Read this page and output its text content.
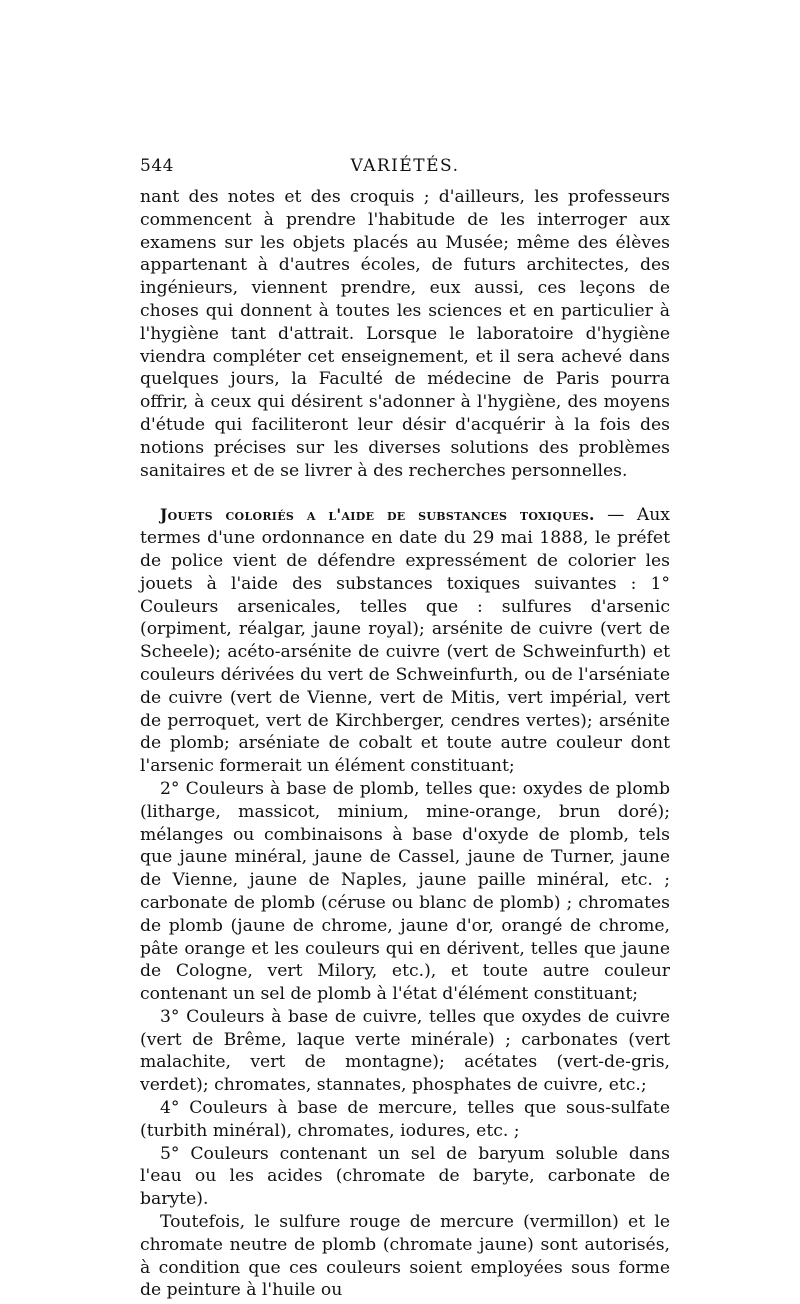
544	VARIÉTÉS.

nant des notes et des croquis ; d'ailleurs, les professeurs commencent à prendre l'habitude de les interroger aux examens sur les objets placés au Musée; même des élèves appartenant à d'autres écoles, de futurs architectes, des ingénieurs, viennent prendre, eux aussi, ces leçons de choses qui donnent à toutes les sciences et en particulier à l'hygiène tant d'attrait. Lorsque le laboratoire d'hygiène viendra compléter cet enseignement, et il sera achevé dans quelques jours, la Faculté de médecine de Paris pourra offrir, à ceux qui désirent s'adonner à l'hygiène, des moyens d'étude qui faciliteront leur désir d'acquérir à la fois des notions précises sur les diverses solutions des problèmes sanitaires et de se livrer à des recherches personnelles.

Jouets coloriés a l'aide de substances toxiques. — Aux termes d'une ordonnance en date du 29 mai 1888, le préfet de police vient de défendre expressément de colorier les jouets à l'aide des substances toxiques suivantes : 1° Couleurs arsenicales, telles que : sulfures d'arsenic (orpiment, réalgar, jaune royal); arsénite de cuivre (vert de Scheele); acéto-arsénite de cuivre (vert de Schweinfurth) et couleurs dérivées du vert de Schweinfurth, ou de l'arséniate de cuivre (vert de Vienne, vert de Mitis, vert impérial, vert de perroquet, vert de Kirchberger, cendres vertes); arsénite de plomb; arséniate de cobalt et toute autre couleur dont l'arsenic formerait un élément constituant;

2° Couleurs à base de plomb, telles que: oxydes de plomb (litharge, massicot, minium, mine-orange, brun doré); mélanges ou combinaisons à base d'oxyde de plomb, tels que jaune minéral, jaune de Cassel, jaune de Turner, jaune de Vienne, jaune de Naples, jaune paille minéral, etc. ; carbonate de plomb (céruse ou blanc de plomb) ; chromates de plomb (jaune de chrome, jaune d'or, orangé de chrome, pâte orange et les couleurs qui en dérivent, telles que jaune de Cologne, vert Milory, etc.), et toute autre couleur contenant un sel de plomb à l'état d'élément constituant;

3° Couleurs à base de cuivre, telles que oxydes de cuivre (vert de Brême, laque verte minérale) ; carbonates (vert malachite, vert de montagne); acétates (vert-de-gris, verdet); chromates, stannates, phosphates de cuivre, etc.;

4° Couleurs à base de mercure, telles que sous-sulfate (turbith minéral), chromates, iodures, etc. ;

5° Couleurs contenant un sel de baryum soluble dans l'eau ou les acides (chromate de baryte, carbonate de baryte).

Toutefois, le sulfure rouge de mercure (vermillon) et le chromate neutre de plomb (chromate jaune) sont autorisés, à condition que ces couleurs soient employées sous forme de peinture à l'huile ou
